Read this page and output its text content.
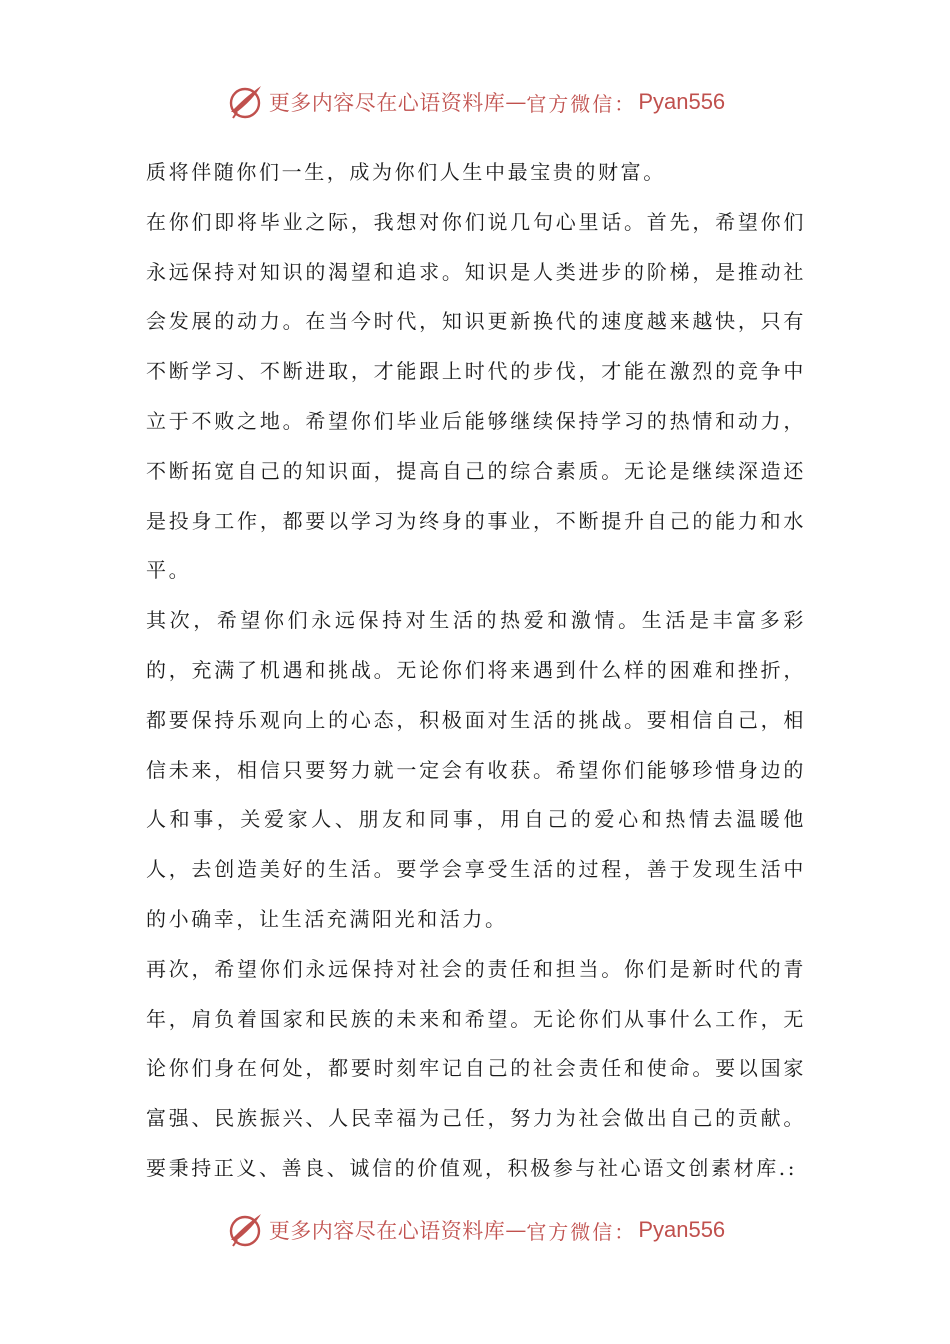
更多内容尽在心语资料库 — 官方微信： Pyan556

质将伴随你们一生，成为你们人生中最宝贵的财富。

在你们即将毕业之际，我想对你们说几句心里话。首先，希望你们永远保持对知识的渴望和追求。知识是人类进步的阶梯，是推动社会发展的动力。在当今时代，知识更新换代的速度越来越快，只有不断学习、不断进取，才能跟上时代的步伐，才能在激烈的竞争中立于不败之地。希望你们毕业后能够继续保持学习的热情和动力，不断拓宽自己的知识面，提高自己的综合素质。无论是继续深造还是投身工作，都要以学习为终身的事业，不断提升自己的能力和水平。

其次，希望你们永远保持对生活的热爱和激情。生活是丰富多彩的，充满了机遇和挑战。无论你们将来遇到什么样的困难和挫折，都要保持乐观向上的心态，积极面对生活的挑战。要相信自己，相信未来，相信只要努力就一定会有收获。希望你们能够珍惜身边的人和事，关爱家人、朋友和同事，用自己的爱心和热情去温暖他人，去创造美好的生活。要学会享受生活的过程，善于发现生活中的小确幸，让生活充满阳光和活力。

再次，希望你们永远保持对社会的责任和担当。你们是新时代的青年，肩负着国家和民族的未来和希望。无论你们从事什么工作，无论你们身在何处，都要时刻牢记自己的社会责任和使命。要以国家富强、民族振兴、人民幸福为己任，努力为社会做出自己的贡献。要秉持正义、善良、诚信的价值观，积极参与社心语文创素材库.:

更多内容尽在心语资料库 — 官方微信： Pyan556
